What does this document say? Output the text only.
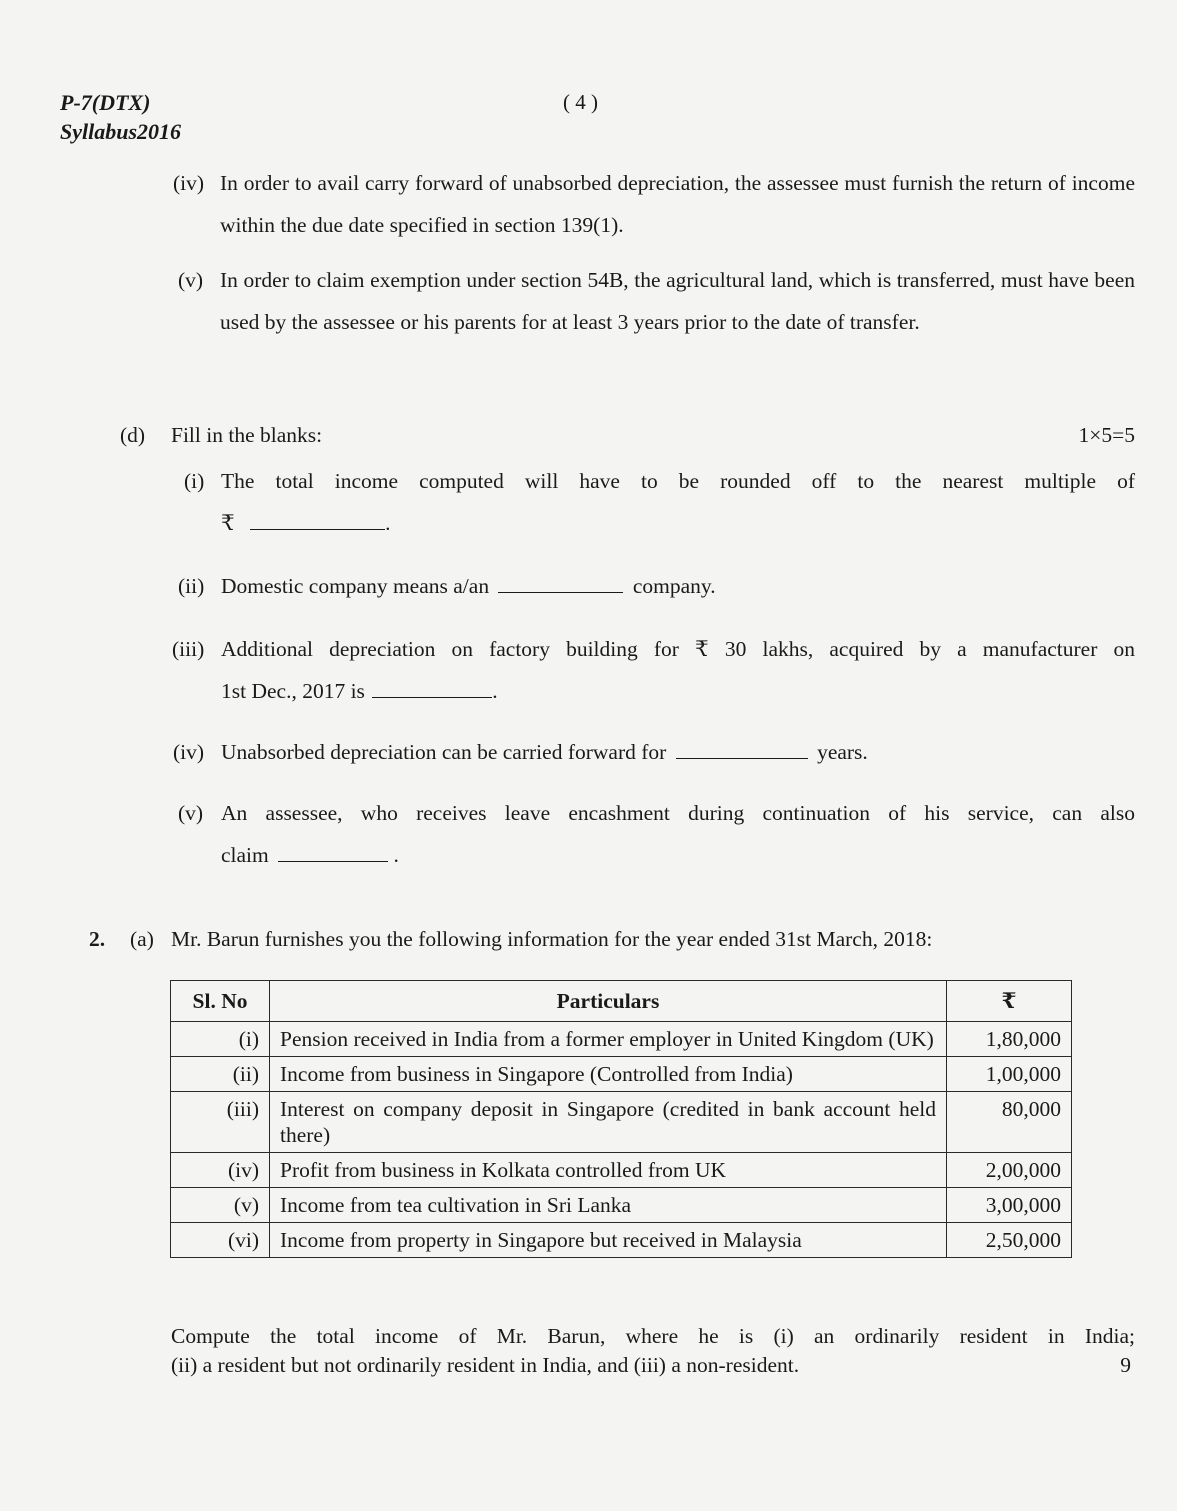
P-7(DTX)
Syllabus2016
( 4 )
(iv) In order to avail carry forward of unabsorbed depreciation, the assessee must furnish the return of income within the due date specified in section 139(1).
(v) In order to claim exemption under section 54B, the agricultural land, which is transferred, must have been used by the assessee or his parents for at least 3 years prior to the date of transfer.
(d) Fill in the blanks:	1×5=5
(i) The total income computed will have to be rounded off to the nearest multiple of
₹	.
(ii) Domestic company means a/an	company.
(iii) Additional depreciation on factory building for ₹ 30 lakhs, acquired by a manufacturer on
1st Dec., 2017 is	.
(iv) Unabsorbed depreciation can be carried forward for	years.
(v) An assessee, who receives leave encashment during continuation of his service, can also
claim	.
2. (a) Mr. Barun furnishes you the following information for the year ended 31st March, 2018:
Sl. No	Particulars	₹
(i)	Pension received in India from a former employer in United Kingdom (UK)	1,80,000
(ii)	Income from business in Singapore (Controlled from India)	1,00,000
(iii)	Interest on company deposit in Singapore (credited in bank account held there)	80,000
(iv)	Profit from business in Kolkata controlled from UK	2,00,000
(v)	Income from tea cultivation in Sri Lanka	3,00,000
(vi)	Income from property in Singapore but received in Malaysia	2,50,000
Compute the total income of Mr. Barun, where he is (i) an ordinarily resident in India;
(ii) a resident but not ordinarily resident in India, and (iii) a non-resident.	9
